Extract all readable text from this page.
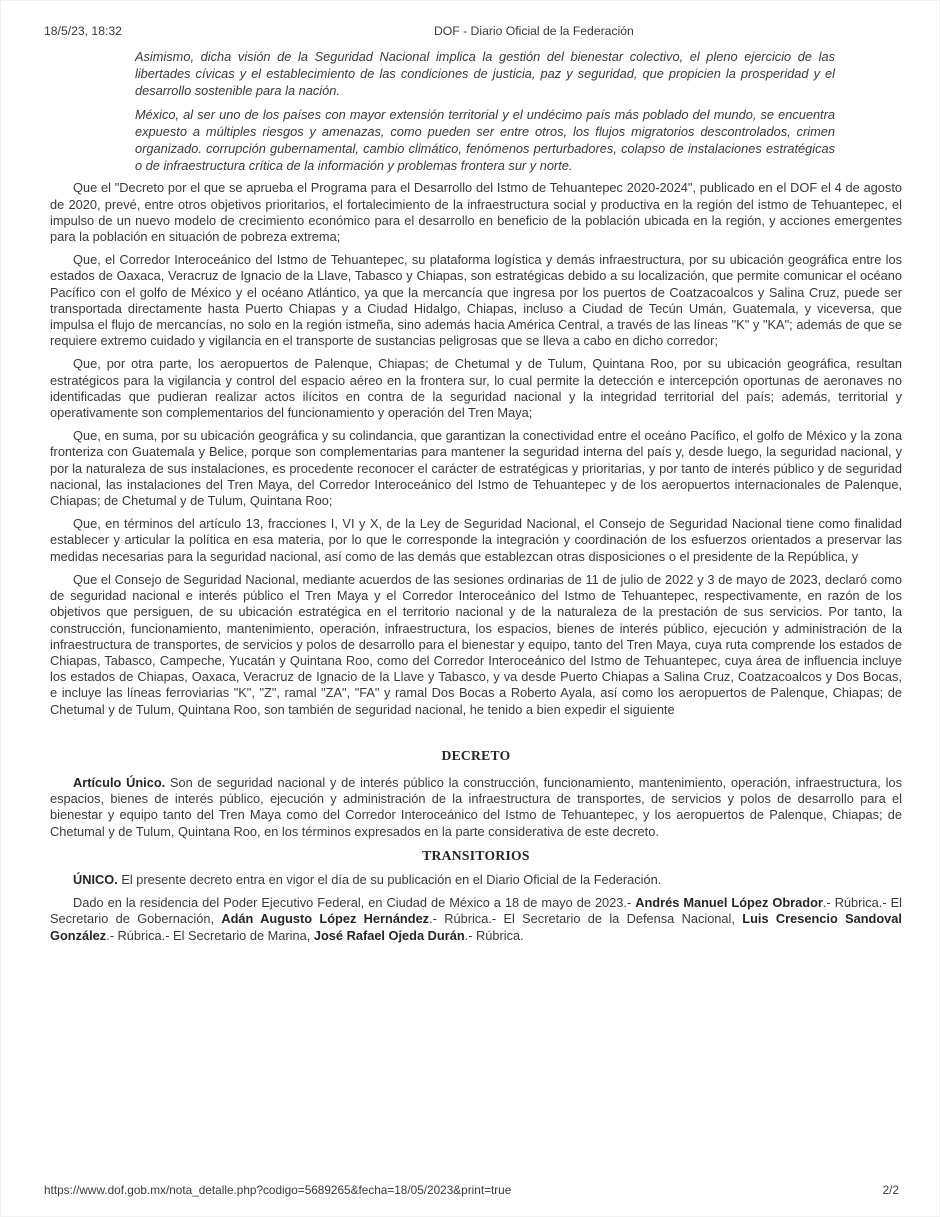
18/5/23, 18:32	DOF - Diario Oficial de la Federación
Asimismo, dicha visión de la Seguridad Nacional implica la gestión del bienestar colectivo, el pleno ejercicio de las libertades cívicas y el establecimiento de las condiciones de justicia, paz y seguridad, que propicien la prosperidad y el desarrollo sostenible para la nación.
México, al ser uno de los países con mayor extensión territorial y el undécimo país más poblado del mundo, se encuentra expuesto a múltiples riesgos y amenazas, como pueden ser entre otros, los flujos migratorios descontrolados, crimen organizado. corrupción gubernamental, cambio climático, fenómenos perturbadores, colapso de instalaciones estratégicas o de infraestructura crítica de la información y problemas frontera sur y norte.
Que el "Decreto por el que se aprueba el Programa para el Desarrollo del Istmo de Tehuantepec 2020-2024", publicado en el DOF el 4 de agosto de 2020, prevé, entre otros objetivos prioritarios, el fortalecimiento de la infraestructura social y productiva en la región del istmo de Tehuantepec, el impulso de un nuevo modelo de crecimiento económico para el desarrollo en beneficio de la población ubicada en la región, y acciones emergentes para la población en situación de pobreza extrema;
Que, el Corredor Interoceánico del Istmo de Tehuantepec, su plataforma logística y demás infraestructura, por su ubicación geográfica entre los estados de Oaxaca, Veracruz de Ignacio de la Llave, Tabasco y Chiapas, son estratégicas debido a su localización, que permite comunicar el océano Pacífico con el golfo de México y el océano Atlántico, ya que la mercancía que ingresa por los puertos de Coatzacoalcos y Salina Cruz, puede ser transportada directamente hasta Puerto Chiapas y a Ciudad Hidalgo, Chiapas, incluso a Ciudad de Tecún Umán, Guatemala, y viceversa, que impulsa el flujo de mercancías, no solo en la región istmeña, sino además hacia América Central, a través de las líneas "K" y "KA"; además de que se requiere extremo cuidado y vigilancia en el transporte de sustancias peligrosas que se lleva a cabo en dicho corredor;
Que, por otra parte, los aeropuertos de Palenque, Chiapas; de Chetumal y de Tulum, Quintana Roo, por su ubicación geográfica, resultan estratégicos para la vigilancia y control del espacio aéreo en la frontera sur, lo cual permite la detección e intercepción oportunas de aeronaves no identificadas que pudieran realizar actos ilícitos en contra de la seguridad nacional y la integridad territorial del país; además, territorial y operativamente son complementarios del funcionamiento y operación del Tren Maya;
Que, en suma, por su ubicación geográfica y su colindancia, que garantizan la conectividad entre el oceáno Pacífico, el golfo de México y la zona fronteriza con Guatemala y Belice, porque son complementarias para mantener la seguridad interna del país y, desde luego, la seguridad nacional, y por la naturaleza de sus instalaciones, es procedente reconocer el carácter de estratégicas y prioritarias, y por tanto de interés público y de seguridad nacional, las instalaciones del Tren Maya, del Corredor Interoceánico del Istmo de Tehuantepec y de los aeropuertos internacionales de Palenque, Chiapas; de Chetumal y de Tulum, Quintana Roo;
Que, en términos del artículo 13, fracciones I, VI y X, de la Ley de Seguridad Nacional, el Consejo de Seguridad Nacional tiene como finalidad establecer y articular la política en esa materia, por lo que le corresponde la integración y coordinación de los esfuerzos orientados a preservar las medidas necesarias para la seguridad nacional, así como de las demás que establezcan otras disposiciones o el presidente de la República, y
Que el Consejo de Seguridad Nacional, mediante acuerdos de las sesiones ordinarias de 11 de julio de 2022 y 3 de mayo de 2023, declaró como de seguridad nacional e interés público el Tren Maya y el Corredor Interoceánico del Istmo de Tehuantepec, respectivamente, en razón de los objetivos que persiguen, de su ubicación estratégica en el territorio nacional y de la naturaleza de la prestación de sus servicios. Por tanto, la construcción, funcionamiento, mantenimiento, operación, infraestructura, los espacios, bienes de interés público, ejecución y administración de la infraestructura de transportes, de servicios y polos de desarrollo para el bienestar y equipo, tanto del Tren Maya, cuya ruta comprende los estados de Chiapas, Tabasco, Campeche, Yucatán y Quintana Roo, como del Corredor Interoceánico del Istmo de Tehuantepec, cuya área de influencia incluye los estados de Chiapas, Oaxaca, Veracruz de Ignacio de la Llave y Tabasco, y va desde Puerto Chiapas a Salina Cruz, Coatzacoalcos y Dos Bocas, e incluye las líneas ferroviarias "K", "Z", ramal "ZA", "FA" y ramal Dos Bocas a Roberto Ayala, así como los aeropuertos de Palenque, Chiapas; de Chetumal y de Tulum, Quintana Roo, son también de seguridad nacional, he tenido a bien expedir el siguiente
DECRETO
Artículo Único. Son de seguridad nacional y de interés público la construcción, funcionamiento, mantenimiento, operación, infraestructura, los espacios, bienes de interés público, ejecución y administración de la infraestructura de transportes, de servicios y polos de desarrollo para el bienestar y equipo tanto del Tren Maya como del Corredor Interoceánico del Istmo de Tehuantepec, y los aeropuertos de Palenque, Chiapas; de Chetumal y de Tulum, Quintana Roo, en los términos expresados en la parte considerativa de este decreto.
TRANSITORIOS
ÚNICO. El presente decreto entra en vigor el día de su publicación en el Diario Oficial de la Federación.
Dado en la residencia del Poder Ejecutivo Federal, en Ciudad de México a 18 de mayo de 2023.- Andrés Manuel López Obrador.- Rúbrica.- El Secretario de Gobernación, Adán Augusto López Hernández.- Rúbrica.- El Secretario de la Defensa Nacional, Luis Cresencio Sandoval González.- Rúbrica.- El Secretario de Marina, José Rafael Ojeda Durán.- Rúbrica.
https://www.dof.gob.mx/nota_detalle.php?codigo=5689265&fecha=18/05/2023&print=true	2/2
